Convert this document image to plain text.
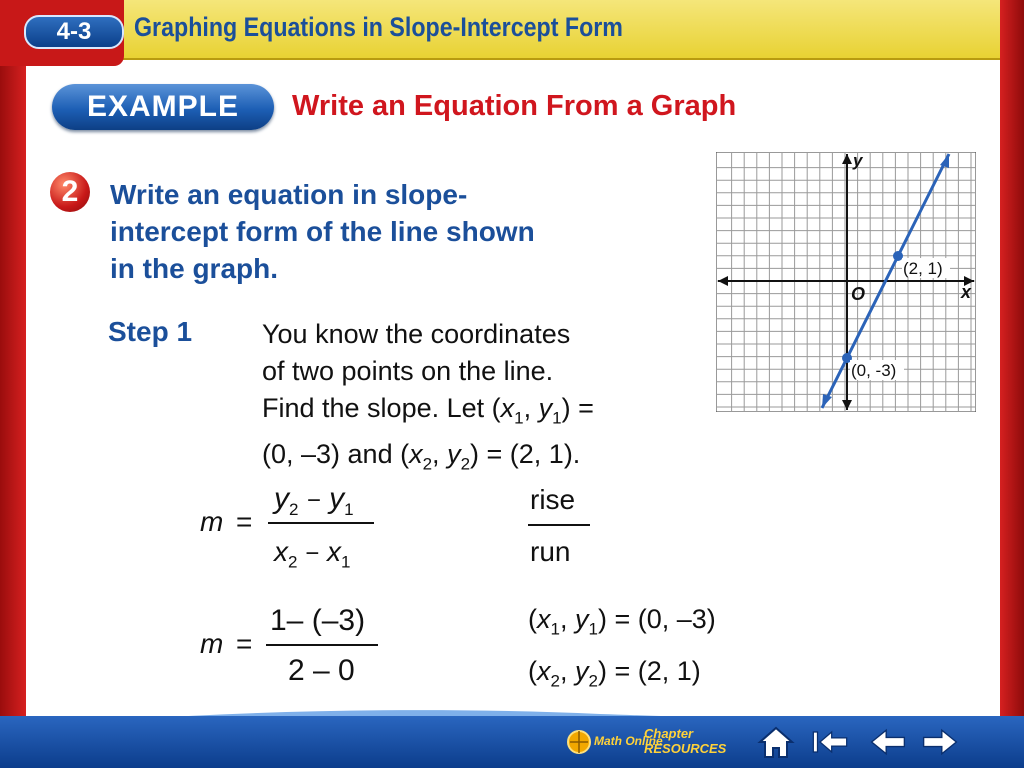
4-3	Graphing Equations in Slope-Intercept Form
EXAMPLE	Write an Equation From a Graph
2	Write an equation in slope-
intercept form of the line shown
in the graph.
Step 1	You know the coordinates
of two points on the line.
Find the slope. Let ($x_1$, $y_1$) =
(0, –3) and ($x_2$, $y_2) = (2$, 1).
(2, 1)
(0, -3)
y
x
O
m =
$y_2 - y_1$
$x_2 - x_1$
rise
run
m =
1– (–3)
2 – 0
($x_1$, $y_1) = (0$, –3)
($x_2$, $y_2) = (2$, 1)
Math Online
Chapter
RESOURCES
